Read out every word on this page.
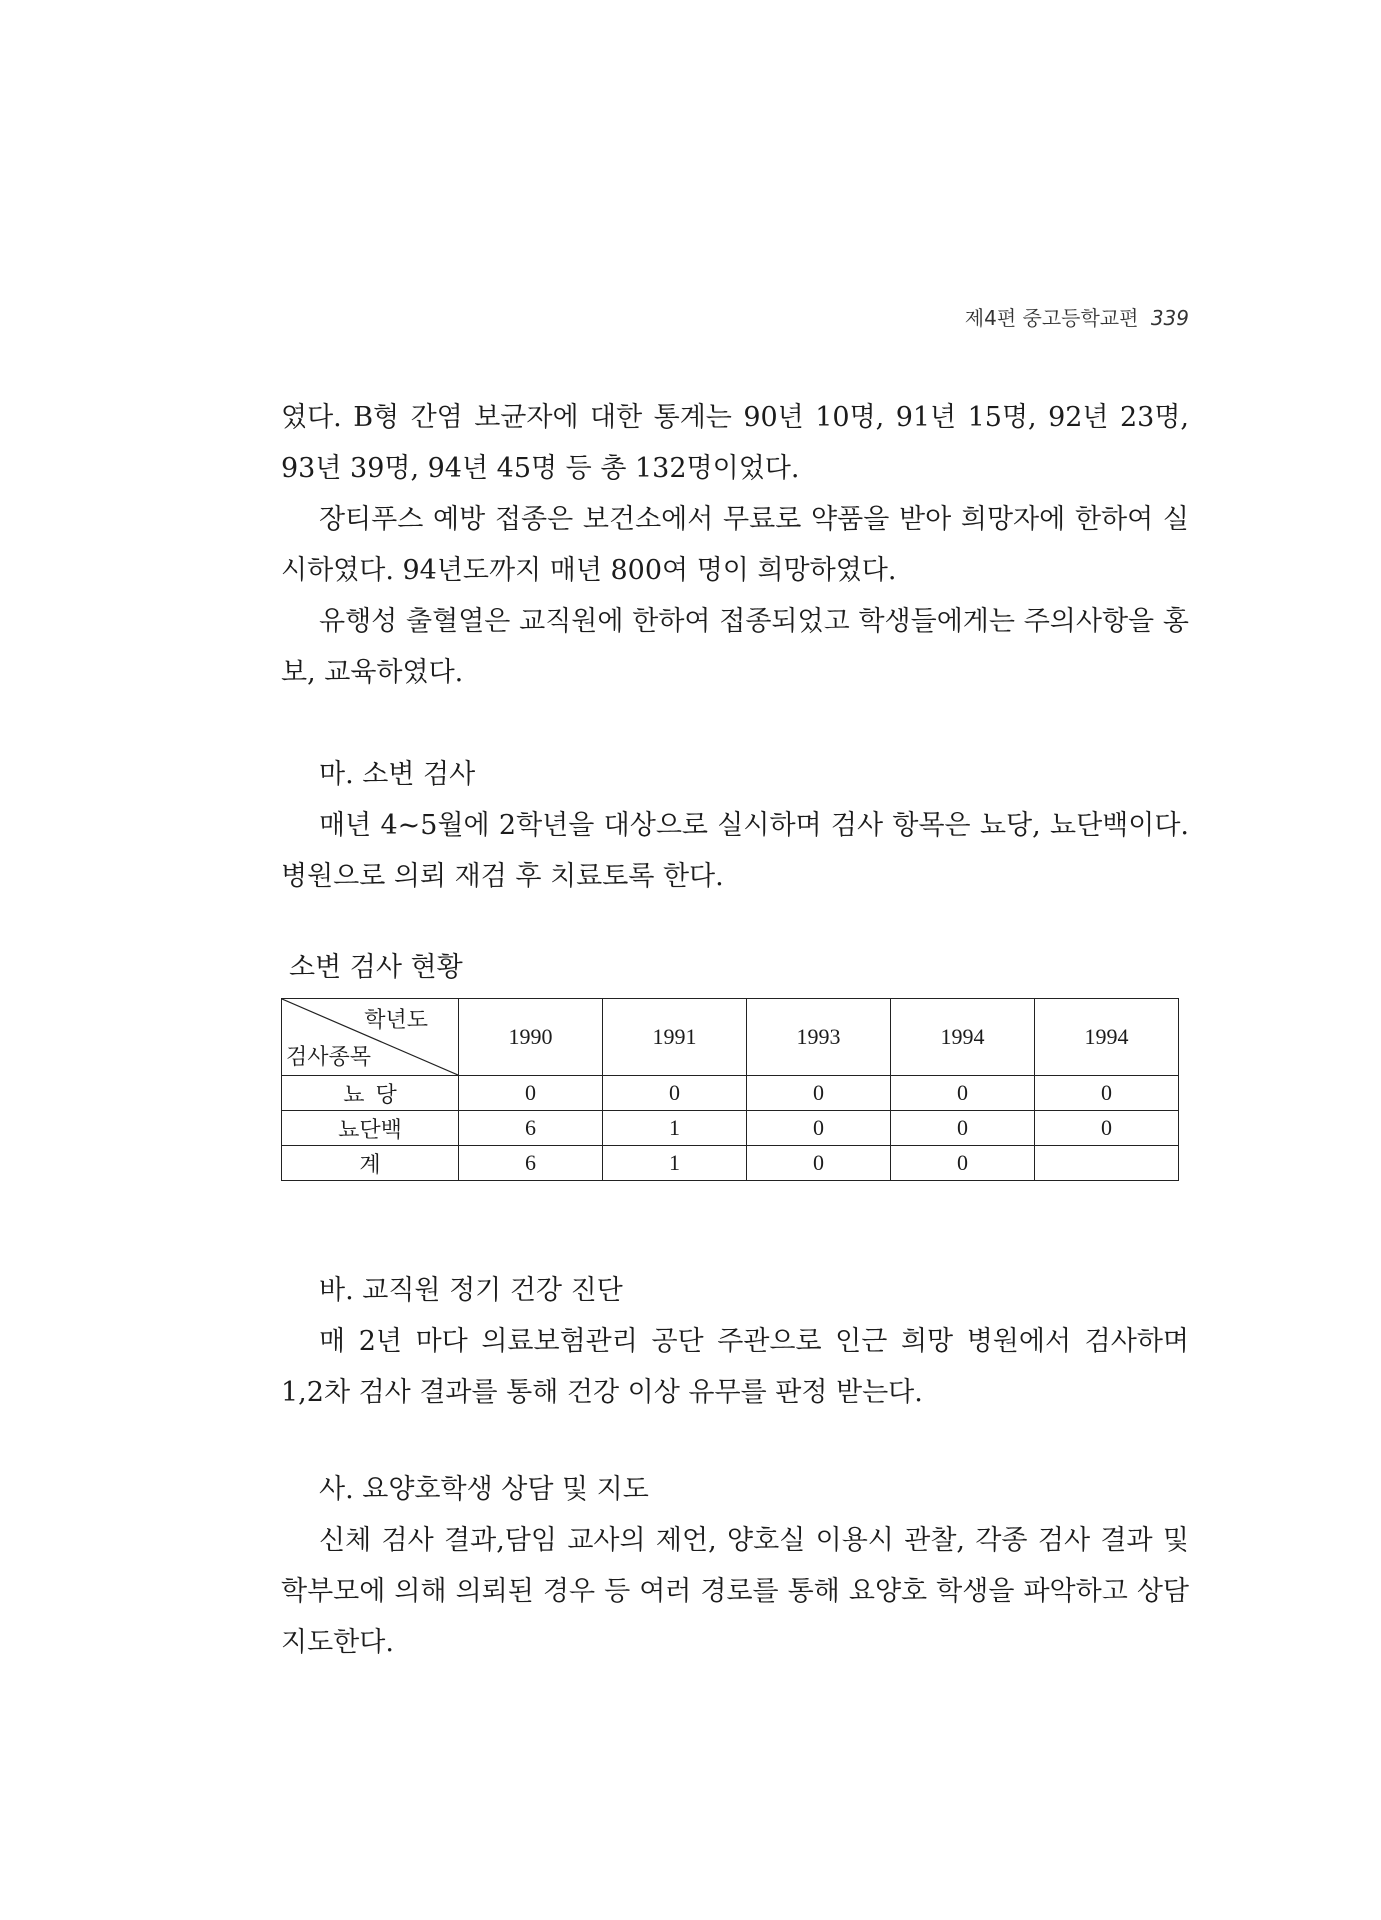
제4편 중고등학교편 339

였다. B형 간염 보균자에 대한 통계는 90년 10명, 91년 15명, 92년 23명, 93년 39명, 94년 45명 등 총 132명이었다.

장티푸스 예방 접종은 보건소에서 무료로 약품을 받아 희망자에 한하여 실시하였다. 94년도까지 매년 800여 명이 희망하였다.

유행성 출혈열은 교직원에 한하여 접종되었고 학생들에게는 주의사항을 홍보, 교육하였다.

마. 소변 검사

매년 4~5월에 2학년을 대상으로 실시하며 검사 항목은 뇨당, 뇨단백이다. 병원으로 의뢰 재검 후 치료토록 한다.

소변 검사 현황

학년도
검사종목	1990	1991	1993	1994	1994
뇨  당	0	0	0	0	0
뇨단백	6	1	0	0	0
계	6	1	0	0	

바. 교직원 정기 건강 진단

매 2년 마다 의료보험관리 공단 주관으로 인근 희망 병원에서 검사하며 1,2차 검사 결과를 통해 건강 이상 유무를 판정 받는다.

사. 요양호학생 상담 및 지도

신체 검사 결과,담임 교사의 제언, 양호실 이용시 관찰, 각종 검사 결과 및 학부모에 의해 의뢰된 경우 등 여러 경로를 통해 요양호 학생을 파악하고 상담 지도한다.
